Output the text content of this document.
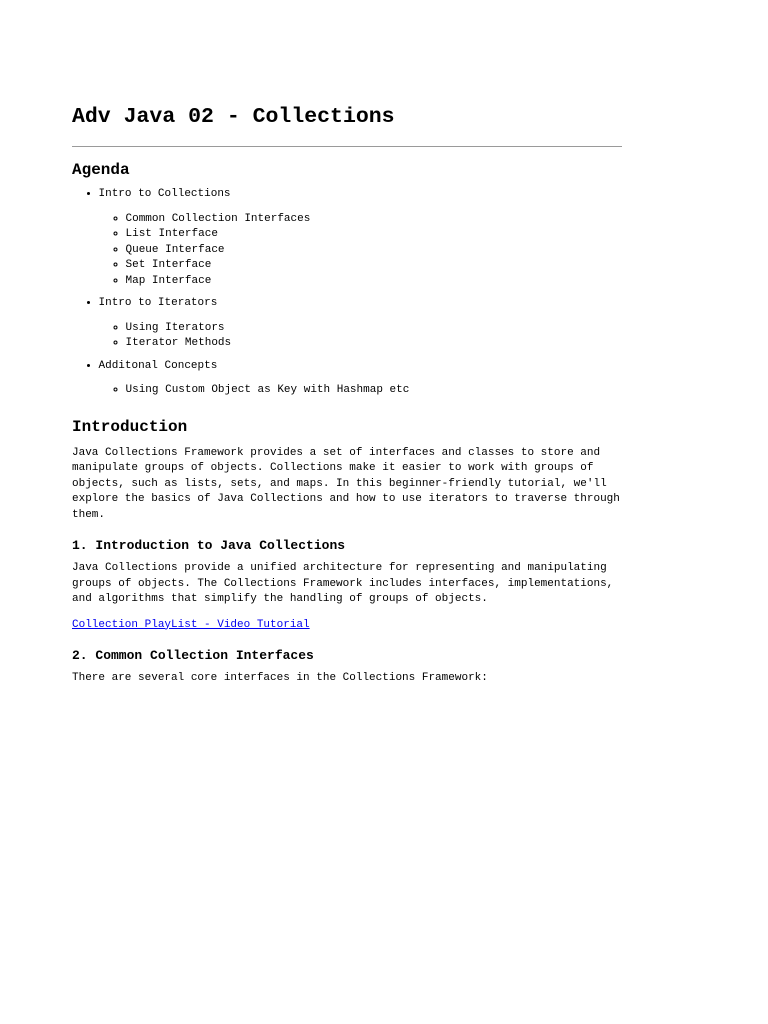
Adv Java 02 - Collections
Agenda
• Intro to Collections
◦ Common Collection Interfaces
◦ List Interface
◦ Queue Interface
◦ Set Interface
◦ Map Interface
• Intro to Iterators
◦ Using Iterators
◦ Iterator Methods
• Additonal Concepts
◦ Using Custom Object as Key with Hashmap etc
Introduction

Java Collections Framework provides a set of interfaces and classes to store and manipulate groups of objects. Collections make it easier to work with groups of objects, such as lists, sets, and maps. In this beginner-friendly tutorial, we'll explore the basics of Java Collections and how to use iterators to traverse through them.

1. Introduction to Java Collections

Java Collections provide a unified architecture for representing and manipulating groups of objects. The Collections Framework includes interfaces, implementations, and algorithms that simplify the handling of groups of objects.

Collection PlayList - Video Tutorial

2. Common Collection Interfaces

There are several core interfaces in the Collections Framework:
